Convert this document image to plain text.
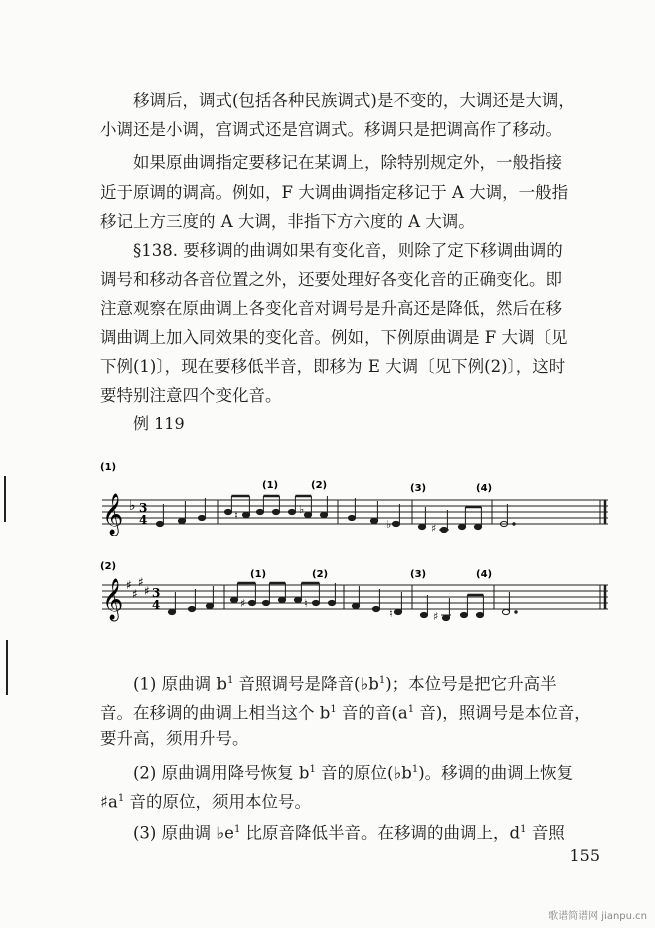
移调后，调式(包括各种民族调式)是不变的，大调还是大调，
小调还是小调，宫调式还是宫调式。移调只是把调高作了移动。
如果原曲调指定要移记在某调上，除特别规定外，一般指接
近于原调的调高。例如，F 大调曲调指定移记于 A 大调，一般指
移记上方三度的 A 大调，非指下方六度的 A 大调。
§138. 要移调的曲调如果有变化音，则除了定下移调曲调的
调号和移动各音位置之外，还要处理好各变化音的正确变化。即
注意观察在原曲调上各变化音对调号是升高还是降低，然后在移
调曲调上加入同效果的变化音。例如，下例原曲调是 F 大调〔见
下例(1)〕，现在要移低半音，即移为 E 大调〔见下例(2)〕，这时
要特别注意四个变化音。
例 119
(1)
(1)	(2)	(3)	(4)
𝄞 ♭ 3
4	♮	♭
♭	♯
(2)
(1)	(2)	(3)	(4)
𝄞 ♯
♯
♯
♯ 3
4	♯	♮
♮	♯
(1) 原曲调 $b^1$ 音照调号是降音$(♭b^1)$；本位号是把它升高半
音。在移调的曲调上相当这个 $b^1$ 音的音($a^1$ 音)，照调号是本位音，
要升高，须用升号。
(2) 原曲调用降号恢复 $b^1$ 音的原位$(♭b^1)$。移调的曲调上恢复
$♯a^1$ 音的原位，须用本位号。
(3) 原曲调 $♭e^1$ 比原音降低半音。在移调的曲调上，$d^1$ 音照
155
歌谱简谱网 jianpu.cn
